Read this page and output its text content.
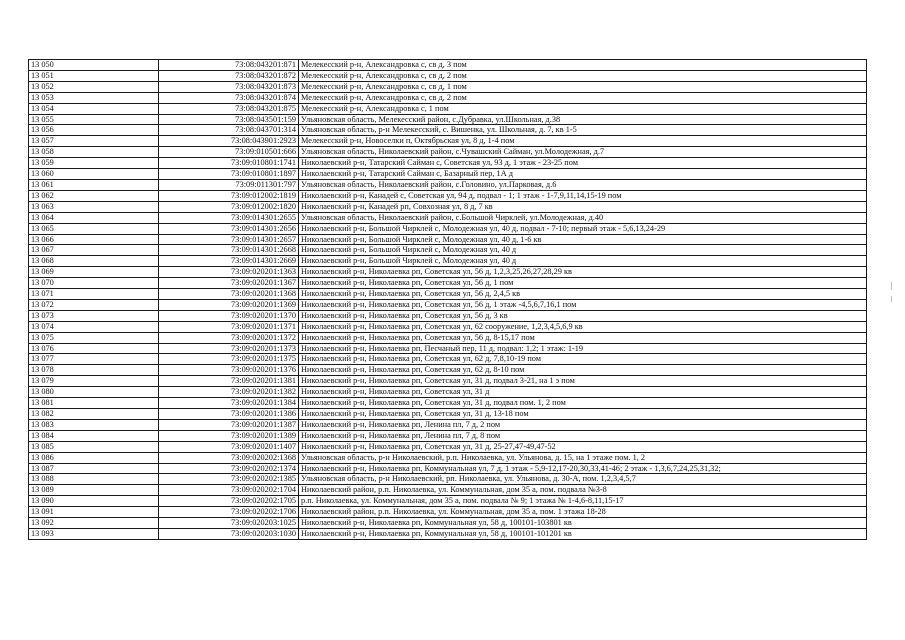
13 050	73:08:043201:871	Мелекесский р-н, Александровка с, св д, 3 пом
13 051	73:08:043201:872	Мелекесский р-н, Александровка с, св д, 2 пом
13 052	73:08:043201:873	Мелекесский р-н, Александровка с, св д, 1 пом
13 053	73:08:043201:874	Мелекесский р-н, Александровка с, св д, 2 пом
13 054	73:08:043201:875	Мелекесский р-н, Александровка с, 1 пом
13 055	73:08:043501:159	Ульяновская область, Мелекесский район, с.Дубравка, ул.Школьная, д.38
13 056	73:08:043701:314	Ульяновская область, р-н Мелекесский, с. Вишенка, ул. Школьная, д. 7, кв 1-5
13 057	73:08:043901:2923	Мелекесский р-н, Новоселки п, Октябрьская ул, 8 д, 1-4 пом
13 058	73:09:010501:666	Ульяновская область, Николаевский район, с.Чувашский Сайман, ул.Молодежная, д.7
13 059	73:09:010801:1741	Николаевский р-н, Татарский Сайман с, Советская ул, 93 д, 1 этаж - 23-25 пом
13 060	73:09:010801:1897	Николаевский р-н, Татарский Сайман с, Базарный пер, 1А д
13 061	73:09:011301:797	Ульяновская область, Николаевский район, с.Головино, ул.Парковая, д.6
13 062	73:09:012002:1819	Николаевский р-н, Канадей с, Советская ул, 94 д, подвал - 1; 1 этаж - 1-7,9,11,14,15-19 пом
13 063	73:09:012002:1820	Николаевский р-н, Канадей рп, Совхозная ул, 8 д, 7 кв
13 064	73:09:014301:2655	Ульяновская область, Николаевский район, с.Большой Чирклей, ул.Молодежная, д.40
13 065	73:09:014301:2656	Николаевский р-н, Большой Чирклей с, Молодежная ул, 40 д, подвал - 7-10; первый этаж - 5,6,13,24-29
13 066	73:09:014301:2657	Николаевский р-н, Большой Чирклей с, Молодежная ул, 40 д, 1-6 кв
13 067	73:09:014301:2668	Николаевский р-н, Большой Чирклей с, Молодежная ул, 40 д
13 068	73:09:014301:2669	Николаевский р-н, Большой Чирклей с, Молодежная ул, 40 д
13 069	73:09:020201:1363	Николаевский р-н, Николаевка рп, Советская ул, 56 д, 1,2,3,25,26,27,28,29 кв
13 070	73:09:020201:1367	Николаевский р-н, Николаевка рп, Советская ул, 56 д, 1 пом
13 071	73:09:020201:1368	Николаевский р-н, Николаевка рп, Советская ул, 56 д, 2,4,5 кв
13 072	73:09:020201:1369	Николаевский р-н, Николаевка рп, Советская ул, 56 д, 1 этаж -4,5,6,7,16,1 пом
13 073	73:09:020201:1370	Николаевский р-н, Николаевка рп, Советская ул, 56 д, 3 кв
13 074	73:09:020201:1371	Николаевский р-н, Николаевка рп, Советская ул, 62 сооружение, 1,2,3,4,5,6,9 кв
13 075	73:09:020201:1372	Николаевский р-н, Николаевка рп, Советская ул, 56 д, 8-15,17 пом
13 076	73:09:020201:1373	Николаевский р-н, Николаевка рп, Песчаный пер, 11 д, подвал: 1,2; 1 этаж: 1-19
13 077	73:09:020201:1375	Николаевский р-н, Николаевка рп, Советская ул, 62 д, 7,8,10-19 пом
13 078	73:09:020201:1376	Николаевский р-н, Николаевка рп, Советская ул, 62 д, 8-10 пом
13 079	73:09:020201:1381	Николаевский р-н, Николаевка рп, Советская ул, 31 д, подвал 3-21, на 1 э пом
13 080	73:09:020201:1382	Николаевский р-н, Николаевка рп, Советская ул, 31 д
13 081	73:09:020201:1384	Николаевский р-н, Николаевка рп, Советская ул, 31 д, подвал пом. 1, 2 пом
13 082	73:09:020201:1386	Николаевский р-н, Николаевка рп, Советская ул, 31 д, 13-18 пом
13 083	73:09:020201:1387	Николаевский р-н, Николаевка рп, Ленина пл, 7 д, 2 пом
13 084	73:09:020201:1389	Николаевский р-н, Николаевка рп, Ленина пл, 7 д, 8 пом
13 085	73:09:020201:1407	Николаевский р-н, Николаевка рп, Советская ул, 31 д, 25-27,47-49,47-52
13 086	73:09:020202:1368	Ульяновская область, р-н Николаевский, р.п. Николаевка, ул. Ульянова, д. 15, на 1 этаже пом. 1, 2
13 087	73:09:020202:1374	Николаевский р-н, Николаевка рп, Коммунальная ул, 7 д, 1 этаж - 5,9-12,17-20,30,33,41-46; 2 этаж - 1,3,6,7,24,25,31,32;
13 088	73:09:020202:1385	Ульяновская область, р-н Николаевский, рп. Николаевка, ул. Ульянова, д. 30-А, пом. 1,2,3,4,5,7
13 089	73:09:020202:1704	Николаевский район, р.п. Николаевка, ул. Коммунальная, дом 35 а, пом. подвала №3-8
13 090	73:09:020202:1705	р.п. Николаевка, ул. Коммунальная, дом 35 а, пом. подвала № 9; 1 этажа № 1-4,6-8,11,15-17
13 091	73:09:020202:1706	Николаевский район, р.п. Николаевка, ул. Коммунальная, дом 35 а, пом. 1 этажа 18-28
13 092	73:09:020203:1025	Николаевский р-н, Николаевка рп, Коммунальная ул, 58 д, 100101-103801 кв
13 093	73:09:020203:1030	Николаевский р-н, Николаевка рп, Коммунальная ул, 58 д, 100101-101201 кв
